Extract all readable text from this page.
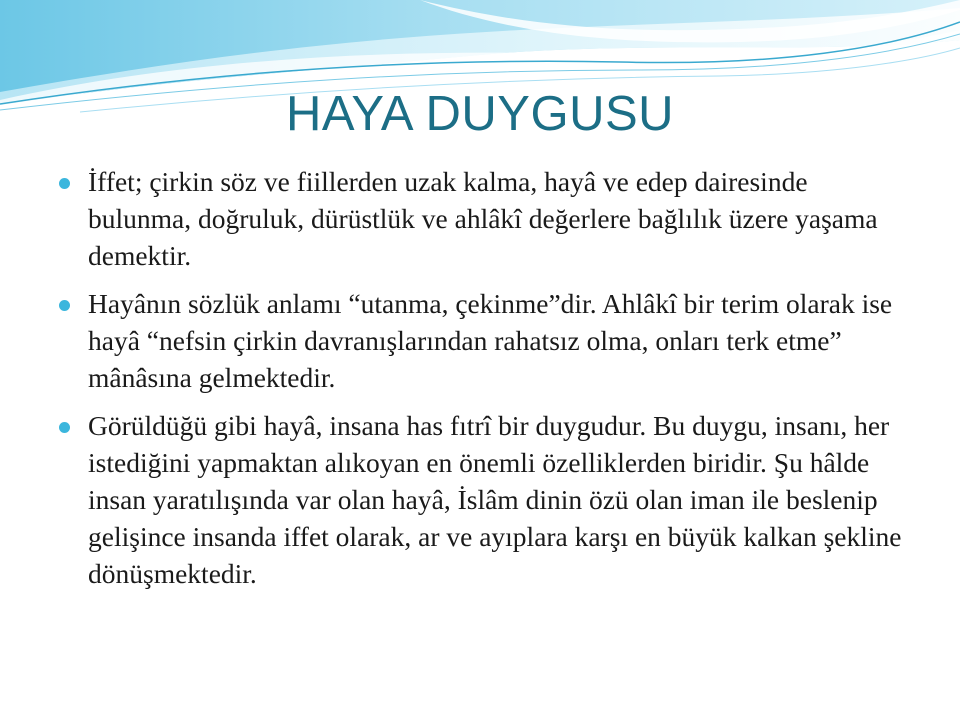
HAYA DUYGUSU
İffet; çirkin söz ve fiillerden uzak kalma, hayâ ve edep dairesinde bulunma, doğruluk, dürüstlük ve ahlâkî değerlere bağlılık üzere yaşama demektir.
Hayânın sözlük anlamı “utanma, çekinme”dir. Ahlâkî bir terim olarak ise hayâ “nefsin çirkin davranışlarından rahatsız olma, onları terk etme” mânâsına gelmektedir.
Görüldüğü gibi hayâ, insana has fıtrî bir duygudur. Bu duygu, insanı, her istediğini yapmaktan alıkoyan en önemli özelliklerden biridir. Şu hâlde insan yaratılışında var olan hayâ, İslâm dinin özü olan iman ile beslenip gelişince insanda iffet olarak, ar ve ayıplara karşı en büyük kalkan şekline dönüşmektedir.
